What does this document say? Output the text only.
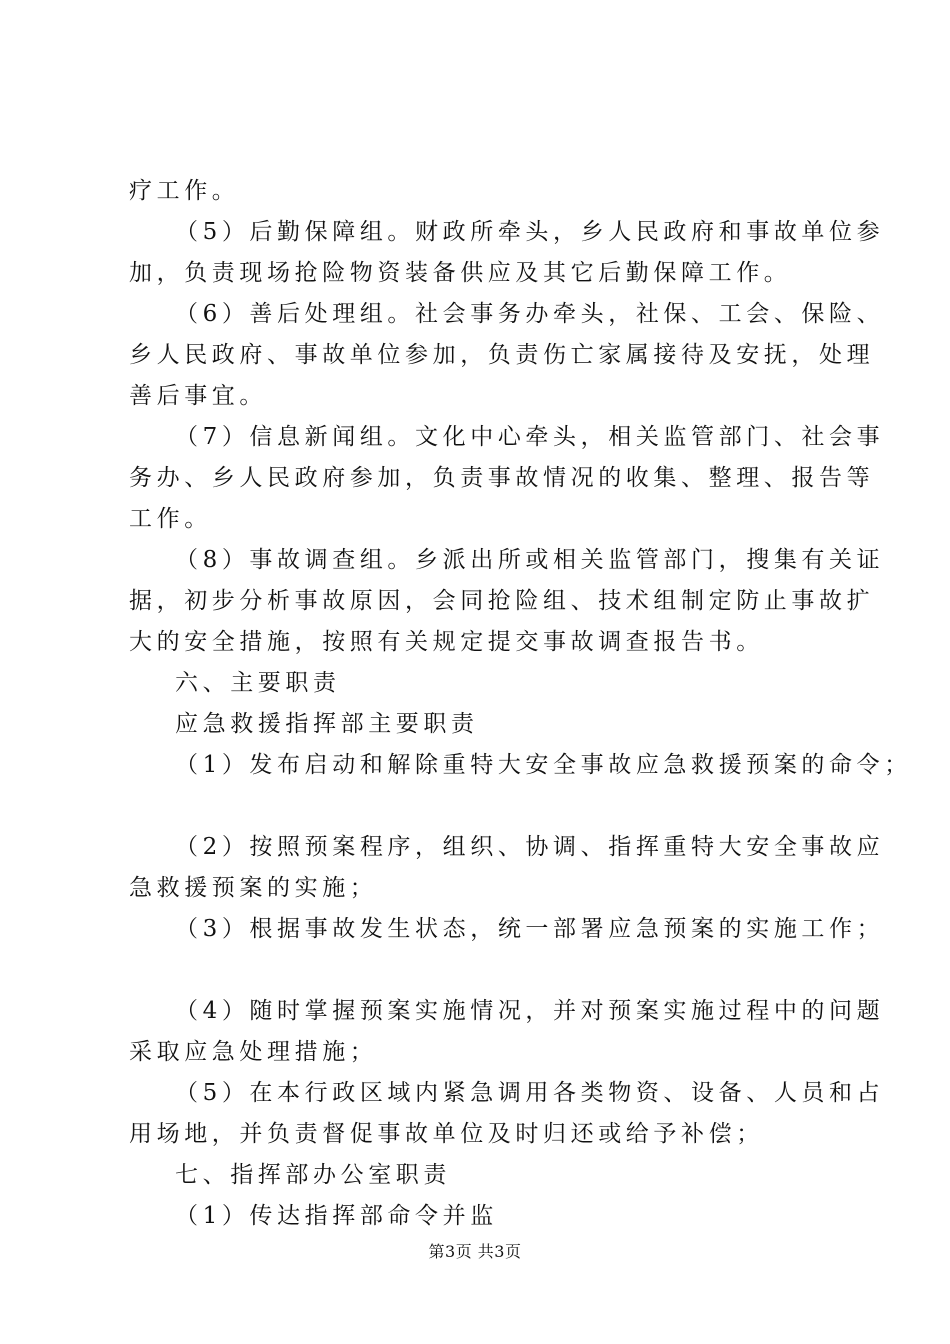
疗工作。
（5）后勤保障组。财政所牵头，乡人民政府和事故单位参
加，负责现场抢险物资装备供应及其它后勤保障工作。
（6）善后处理组。社会事务办牵头，社保、工会、保险、
乡人民政府、事故单位参加，负责伤亡家属接待及安抚，处理
善后事宜。
（7）信息新闻组。文化中心牵头，相关监管部门、社会事
务办、乡人民政府参加，负责事故情况的收集、整理、报告等
工作。
（8）事故调查组。乡派出所或相关监管部门，搜集有关证
据，初步分析事故原因，会同抢险组、技术组制定防止事故扩
大的安全措施，按照有关规定提交事故调查报告书。
六、主要职责
应急救援指挥部主要职责
（1）发布启动和解除重特大安全事故应急救援预案的命令；
（2）按照预案程序，组织、协调、指挥重特大安全事故应
急救援预案的实施；
（3）根据事故发生状态，统一部署应急预案的实施工作；
（4）随时掌握预案实施情况，并对预案实施过程中的问题
采取应急处理措施；
（5）在本行政区域内紧急调用各类物资、设备、人员和占
用场地，并负责督促事故单位及时归还或给予补偿；
七、指挥部办公室职责
（1）传达指挥部命令并监
第3页 共3页
